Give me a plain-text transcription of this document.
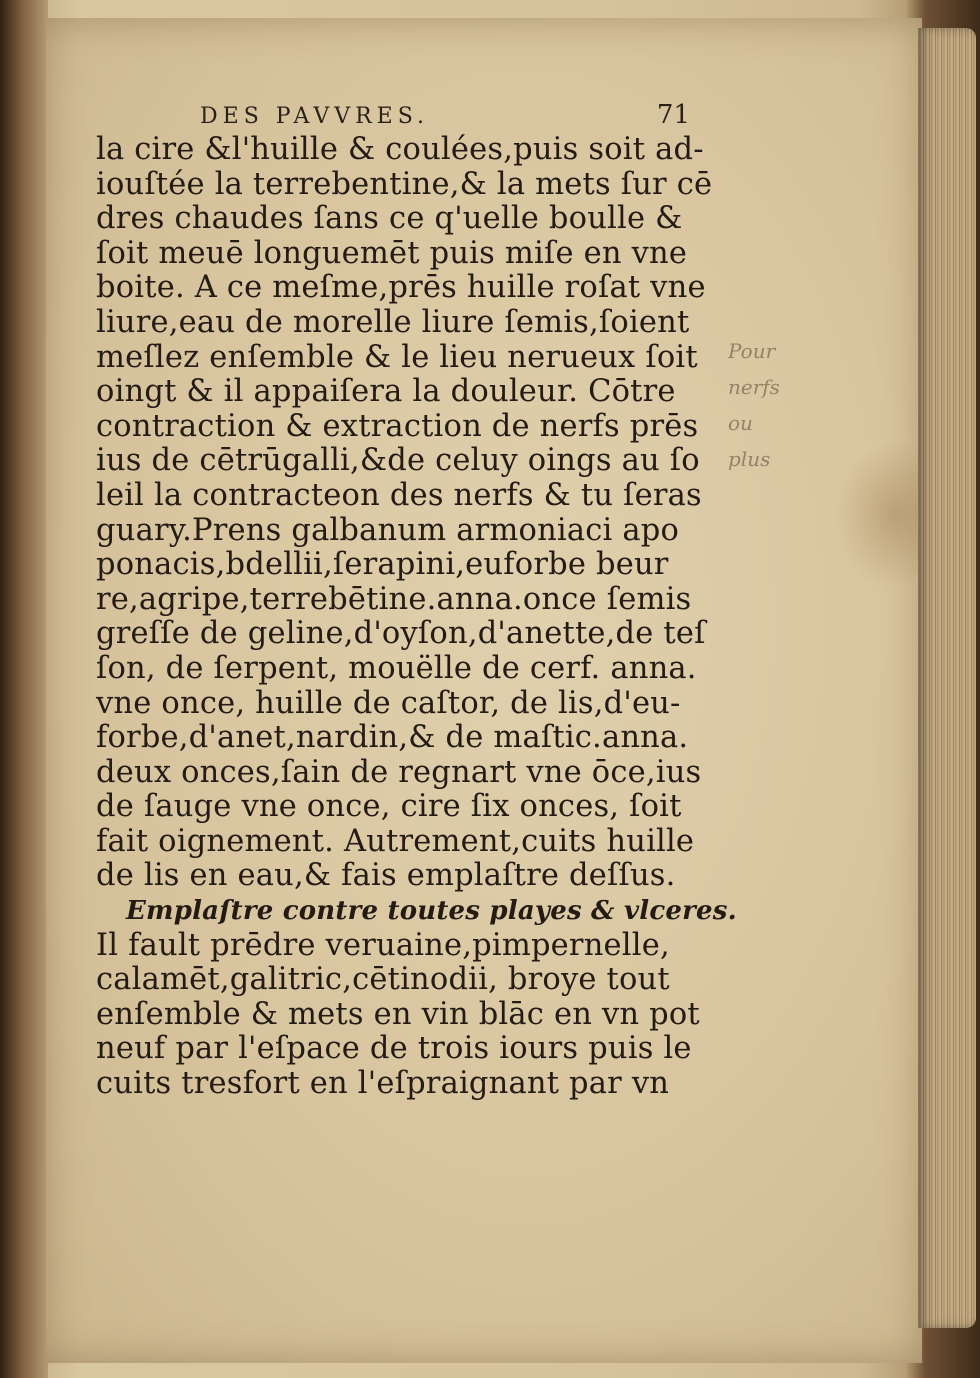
DES PAVVRES.	71
Pour
nerfs
ou
plus
la cire &l'huille & coulées,puis soit ad-
iouſtée la terrebentine,& la mets ſur cē
dres chaudes ſans ce q'uelle boulle &
ſoit meuē longuemēt puis miſe en vne
boite. A ce meſme,prēs huille roſat vne
liure,eau de morelle liure ſemis,ſoient
meſlez enſemble & le lieu nerueux ſoit
oingt & il appaiſera la douleur. Cōtre
contraction & extraction de nerfs prēs
ius de cētrūgalli,&de celuy oings au ſo
leil la contracteon des nerfs & tu ſeras
guary.Prens galbanum armoniaci apo
ponacis,bdellii,ſerapini,euforbe beur
re,agripe,terrebētine.anna.once ſemis
greſſe de geline,d'oyſon,d'anette,de teſ
ſon, de ſerpent, mouëlle de cerf. anna.
vne once, huille de caſtor, de lis,d'eu-
forbe,d'anet,nardin,& de maſtic.anna.
deux onces,ſain de regnart vne ōce,ius
de ſauge vne once, cire ſix onces, ſoit
fait oignement. Autrement,cuits huille
de lis en eau,& fais emplaſtre deſſus.
Emplaſtre contre toutes playes & vlceres.
Il fault prēdre veruaine,pimpernelle,
calamēt,galitric,cētinodii, broye tout
enſemble & mets en vin blāc en vn pot
neuf par l'eſpace de trois iours puis le
cuits tresfort en l'eſpraignant par vn
